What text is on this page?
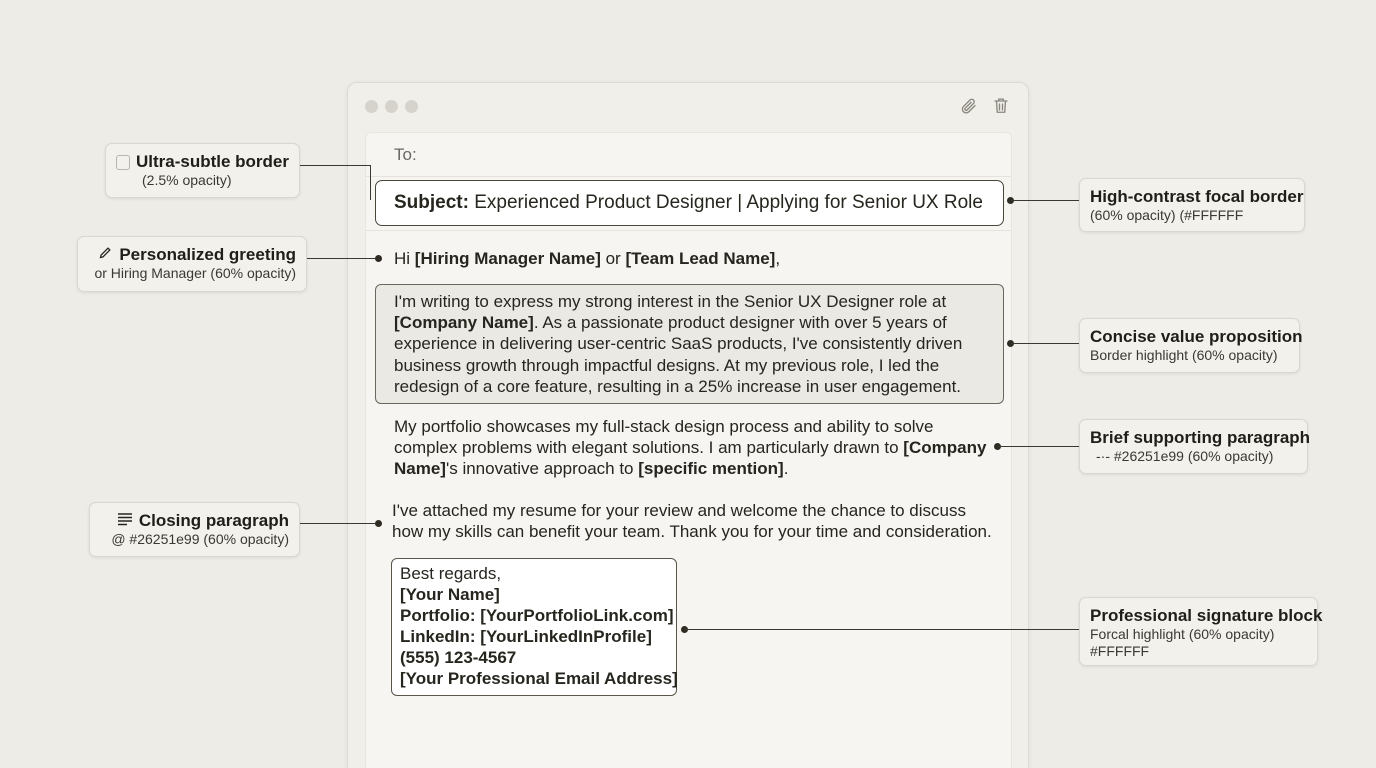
To:
Subject: Experienced Product Designer | Applying for Senior UX Role
Hi [Hiring Manager Name] or [Team Lead Name],
I'm writing to express my strong interest in the Senior UX Designer role at
[Company Name]. As a passionate product designer with over 5 years of experience in delivering user-centric SaaS products, I've consistently driven business growth through impactful designs. At my previous role, I led the redesign of a core feature, resulting in a 25% increase in user engagement.
My portfolio showcases my full-stack design process and ability to solve complex problems with elegant solutions. I am particularly drawn to [Company Name]'s innovative approach to [specific mention].
I've attached my resume for your review and welcome the chance to discuss how my skills can benefit your team. Thank you for your time and consideration.
Best regards,
[Your Name]
Portfolio: [YourPortfolioLink.com]
LinkedIn: [YourLinkedInProfile]
(555) 123-4567
[Your Professional Email Address]
Ultra-subtle border
(2.5% opacity)
Personalized greeting
or Hiring Manager (60% opacity)
Closing paragraph
@ #26251e99 (60% opacity)
High-contrast focal border
(60% opacity) (#FFFFFF
Concise value proposition
Border highlight (60% opacity)
Brief supporting paragraph
-·- #26251e99 (60% opacity)
Professional signature block
Forcal highlight (60% opacity)
#FFFFFF
